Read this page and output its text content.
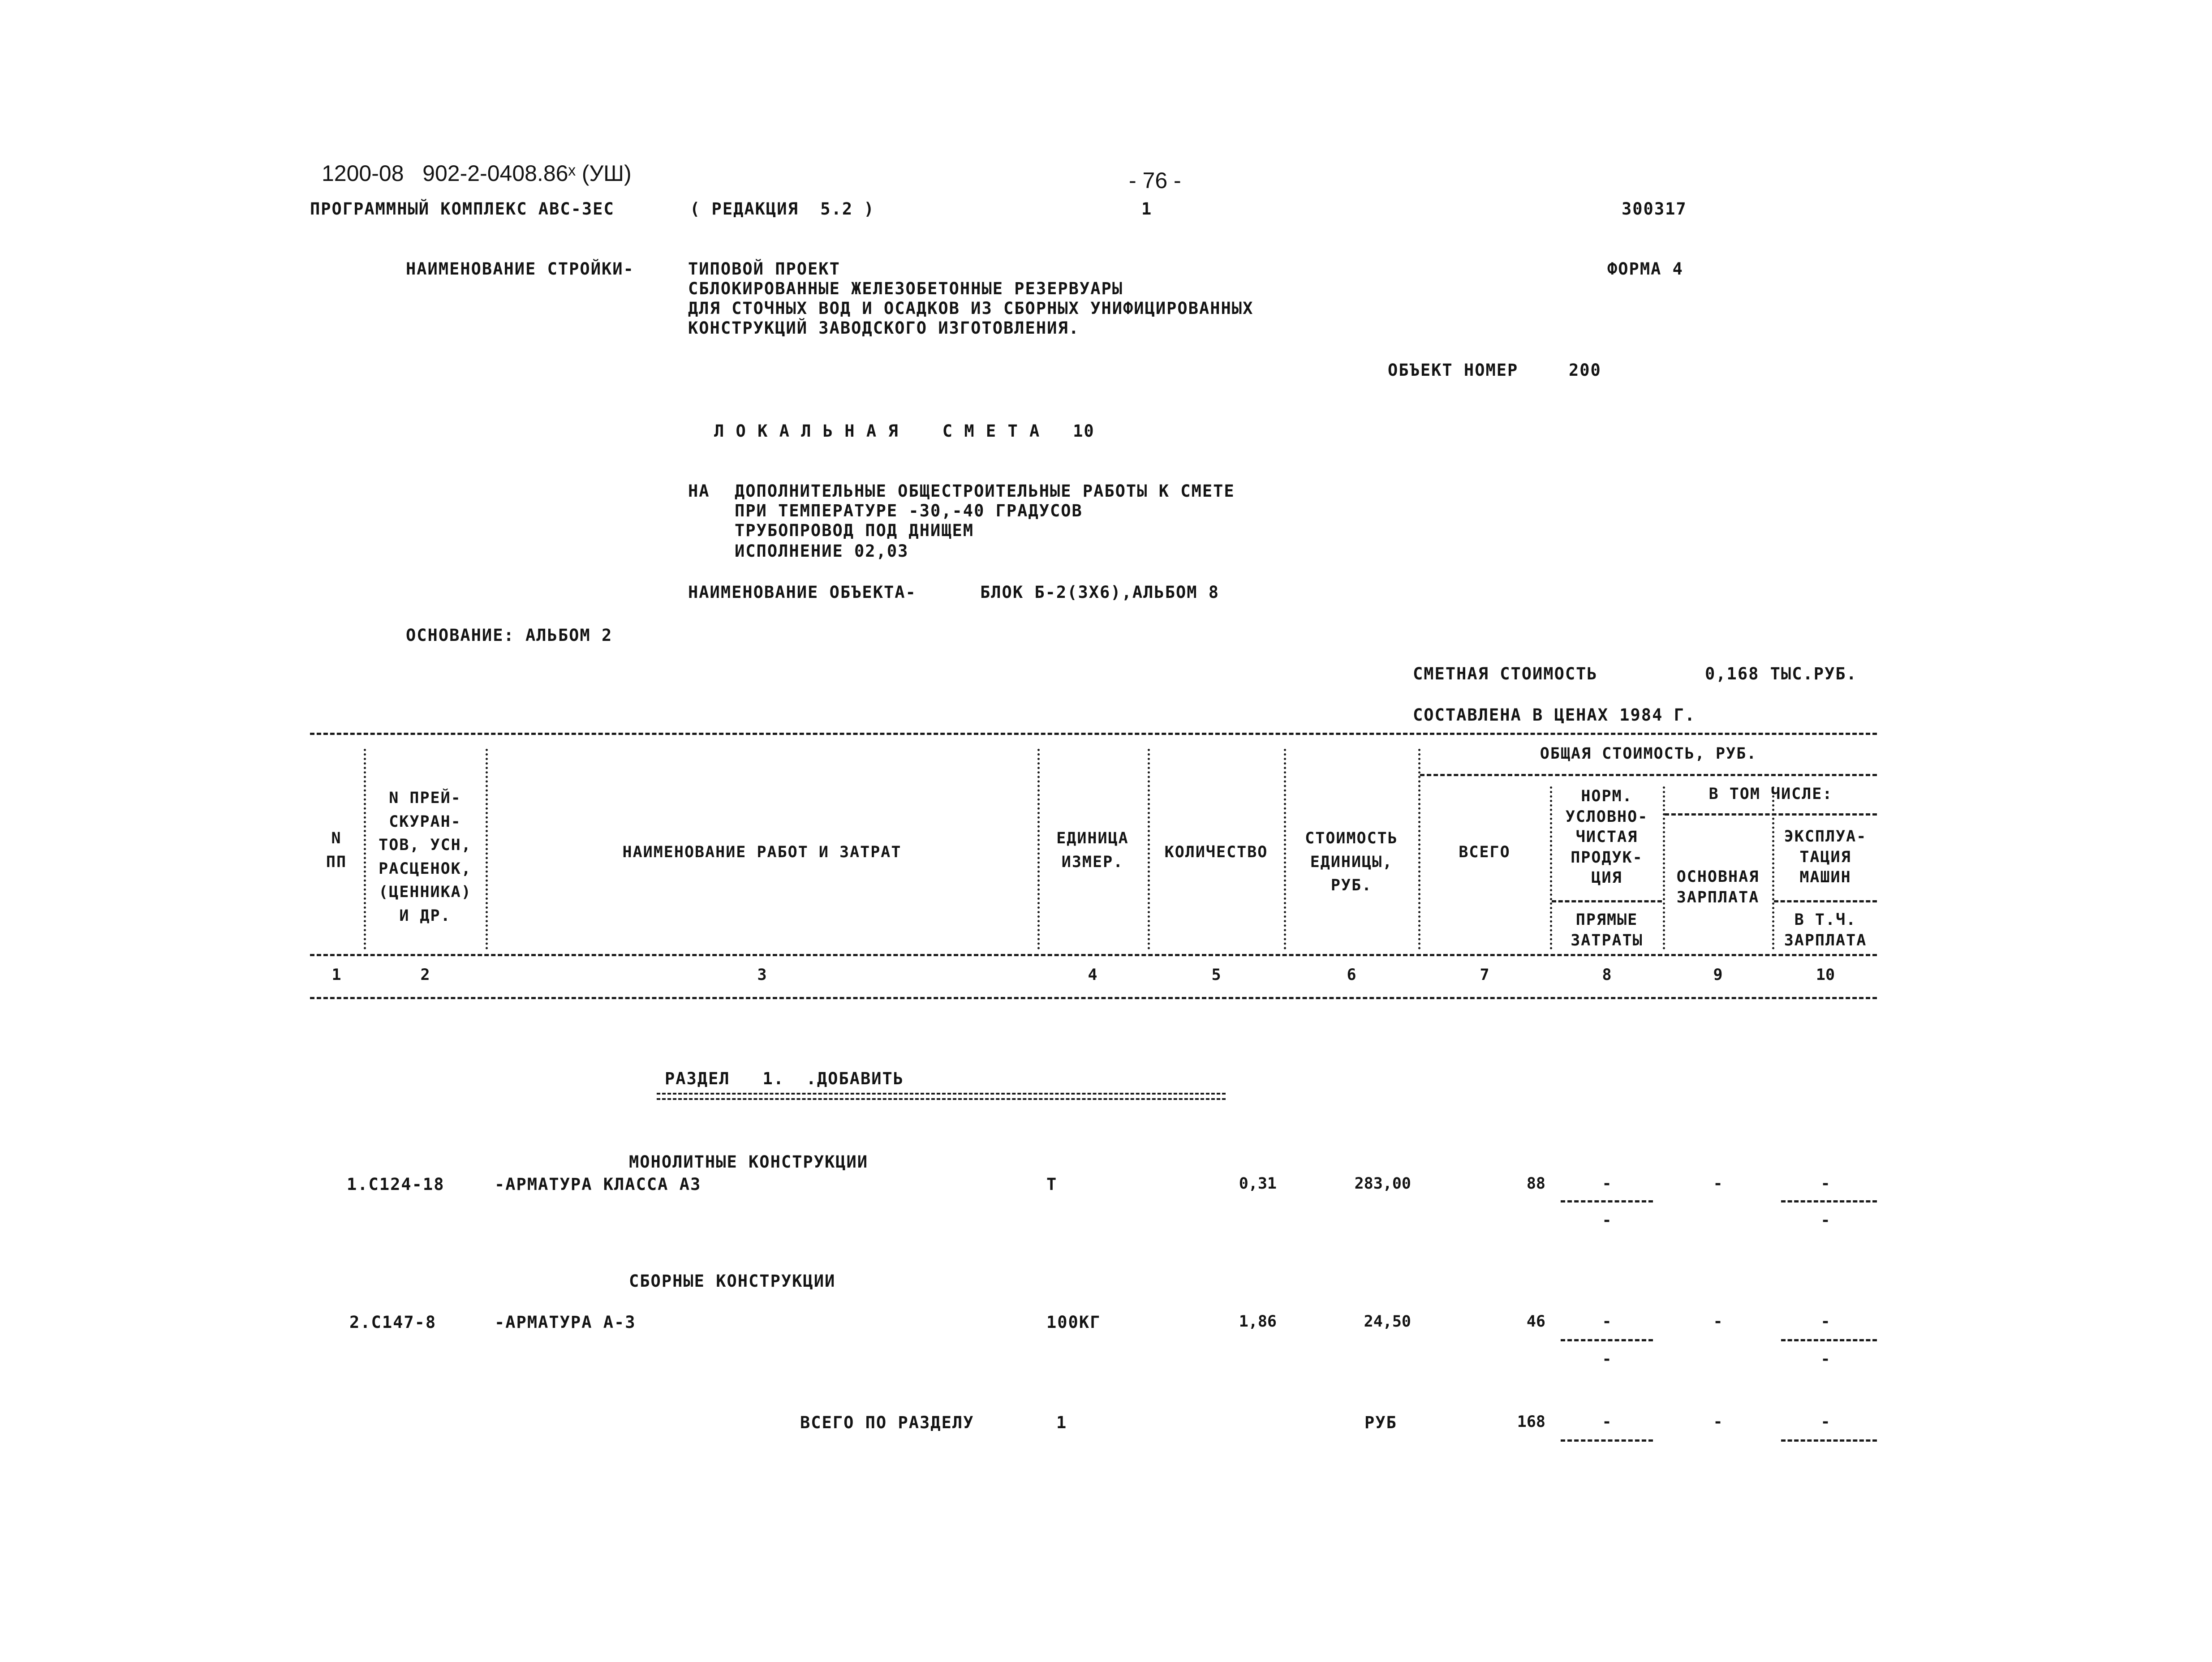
1200-08   902-2-0408.86ˣ (УШ)	- 76 -
ПРОГРАММНЫЙ КОМПЛЕКС АВС-ЗЕС	( РЕДАКЦИЯ  5.2 )	1	300317
НАИМЕНОВАНИЕ СТРОЙКИ-	ТИПОВОЙ ПРОЕКТ
СБЛОКИРОВАННЫЕ ЖЕЛЕЗОБЕТОННЫЕ РЕЗЕРВУАРЫ
ДЛЯ СТОЧНЫХ ВОД И ОСАДКОВ ИЗ СБОРНЫХ УНИФИЦИРОВАННЫХ
КОНСТРУКЦИЙ ЗАВОДСКОГО ИЗГОТОВЛЕНИЯ.
ФОРМА 4
ОБЪЕКТ НОМЕР	200
Л О К А Л Ь Н А Я    С М Е Т А   10
НА ДОПОЛНИТЕЛЬНЫЕ ОБЩЕСТРОИТЕЛЬНЫЕ РАБОТЫ К СМЕТЕ
ПРИ ТЕМПЕРАТУРЕ -30,-40 ГРАДУСОВ
ТРУБОПРОВОД ПОД ДНИЩЕМ
ИСПОЛНЕНИЕ 02,03
НАИМЕНОВАНИЕ ОБЪЕКТА-	БЛОК Б-2(3Х6),АЛЬБОМ 8
ОСНОВАНИЕ: АЛЬБОМ 2
СМЕТНАЯ СТОИМОСТЬ	0,168 ТЫС.РУБ.
СОСТАВЛЕНА В ЦЕНАХ 1984 Г.
ОБЩАЯ СТОИМОСТЬ, РУБ.
В ТОМ ЧИСЛЕ:
N
ПП
N ПРЕЙ-
СКУРАН-
ТОВ, УСН,
РАСЦЕНОК,
(ЦЕННИКА)
И ДР.
НАИМЕНОВАНИЕ РАБОТ И ЗАТРАТ
ЕДИНИЦА
ИЗМЕР.
КОЛИЧЕСТВО
СТОИМОСТЬ
ЕДИНИЦЫ,
РУБ.
ВСЕГО
НОРМ.
УСЛОВНО-
ЧИСТАЯ
ПРОДУК-
ЦИЯ
ПРЯМЫЕ
ЗАТРАТЫ
ОСНОВНАЯ
ЗАРПЛАТА
ЭКСПЛУА-
ТАЦИЯ
МАШИН
В Т.Ч.
ЗАРПЛАТА
1	2	3	4	5	6	7	8	9	10
РАЗДЕЛ   1.  .ДОБАВИТЬ
МОНОЛИТНЫЕ КОНСТРУКЦИИ
1.С124-18	-АРМАТУРА КЛАССА А3	Т	0,31	283,00	88	-	-	-
-	-
СБОРНЫЕ КОНСТРУКЦИИ
2.С147-8	-АРМАТУРА А-3	100КГ	1,86	24,50	46	-	-	-
-	-
ВСЕГО ПО РАЗДЕЛУ	1	РУБ	168	-	-	-
